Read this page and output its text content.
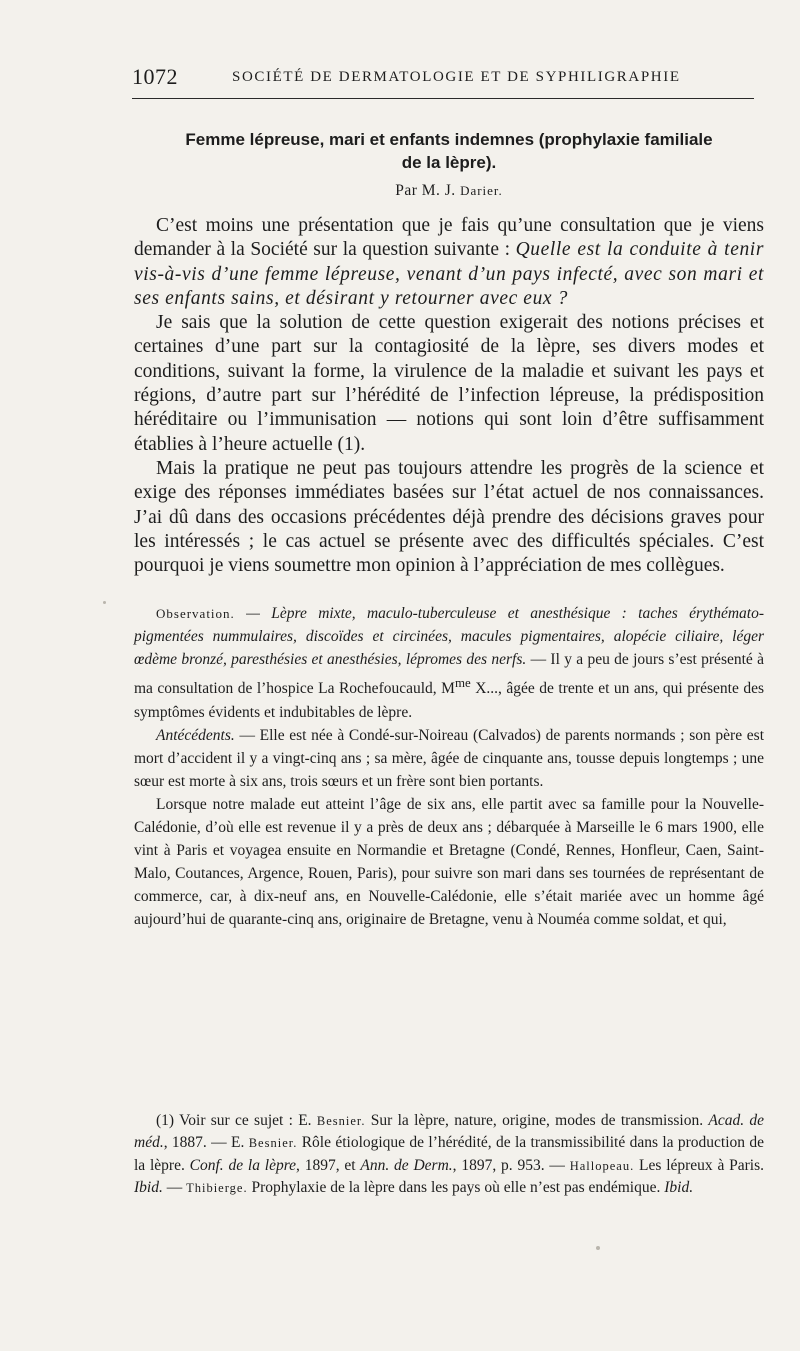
1072	SOCIÉTÉ DE DERMATOLOGIE ET DE SYPHILIGRAPHIE
Femme lépreuse, mari et enfants indemnes (prophylaxie familiale
de la lèpre).
Par M. J. Darier.

C’est moins une présentation que je fais qu’une consultation que je viens demander à la Société sur la question suivante : Quelle est la conduite à tenir vis-à-vis d’une femme lépreuse, venant d’un pays infecté, avec son mari et ses enfants sains, et désirant y retourner avec eux ?

Je sais que la solution de cette question exigerait des notions précises et certaines d’une part sur la contagiosité de la lèpre, ses divers modes et conditions, suivant la forme, la virulence de la maladie et suivant les pays et régions, d’autre part sur l’hérédité de l’infection lépreuse, la prédisposition héréditaire ou l’immunisation — notions qui sont loin d’être suffisamment établies à l’heure actuelle (1).

Mais la pratique ne peut pas toujours attendre les progrès de la science et exige des réponses immédiates basées sur l’état actuel de nos connaissances. J’ai dû dans des occasions précédentes déjà prendre des décisions graves pour les intéressés ; le cas actuel se présente avec des difficultés spéciales. C’est pourquoi je viens soumettre mon opinion à l’appréciation de mes collègues.

Observation. — Lèpre mixte, maculo-tuberculeuse et anesthésique : taches érythémato-pigmentées nummulaires, discoïdes et circinées, macules pigmentaires, alopécie ciliaire, léger œdème bronzé, paresthésies et anesthésies, lépromes des nerfs. — Il y a peu de jours s’est présenté à ma consultation de l’hospice La Rochefoucauld, $M^{me}$ X..., âgée de trente et un ans, qui présente des symptômes évidents et indubitables de lèpre.

Antécédents. — Elle est née à Condé-sur-Noireau (Calvados) de parents normands ; son père est mort d’accident il y a vingt-cinq ans ; sa mère, âgée de cinquante ans, tousse depuis longtemps ; une sœur est morte à six ans, trois sœurs et un frère sont bien portants.

Lorsque notre malade eut atteint l’âge de six ans, elle partit avec sa famille pour la Nouvelle-Calédonie, d’où elle est revenue il y a près de deux ans ; débarquée à Marseille le 6 mars 1900, elle vint à Paris et voyagea ensuite en Normandie et Bretagne (Condé, Rennes, Honfleur, Caen, Saint-Malo, Coutances, Argence, Rouen, Paris), pour suivre son mari dans ses tournées de représentant de commerce, car, à dix-neuf ans, en Nouvelle-Calédonie, elle s’était mariée avec un homme âgé aujourd’hui de quarante-cinq ans, originaire de Bretagne, venu à Nouméa comme soldat, et qui,

(1) Voir sur ce sujet : E. Besnier. Sur la lèpre, nature, origine, modes de transmission. Acad. de méd., 1887. — E. Besnier. Rôle étiologique de l’hérédité, de la transmissibilité dans la production de la lèpre. Conf. de la lèpre, 1897, et Ann. de Derm., 1897, p. 953. — Hallopeau. Les lépreux à Paris. Ibid. — Thibierge. Prophylaxie de la lèpre dans les pays où elle n’est pas endémique. Ibid.
